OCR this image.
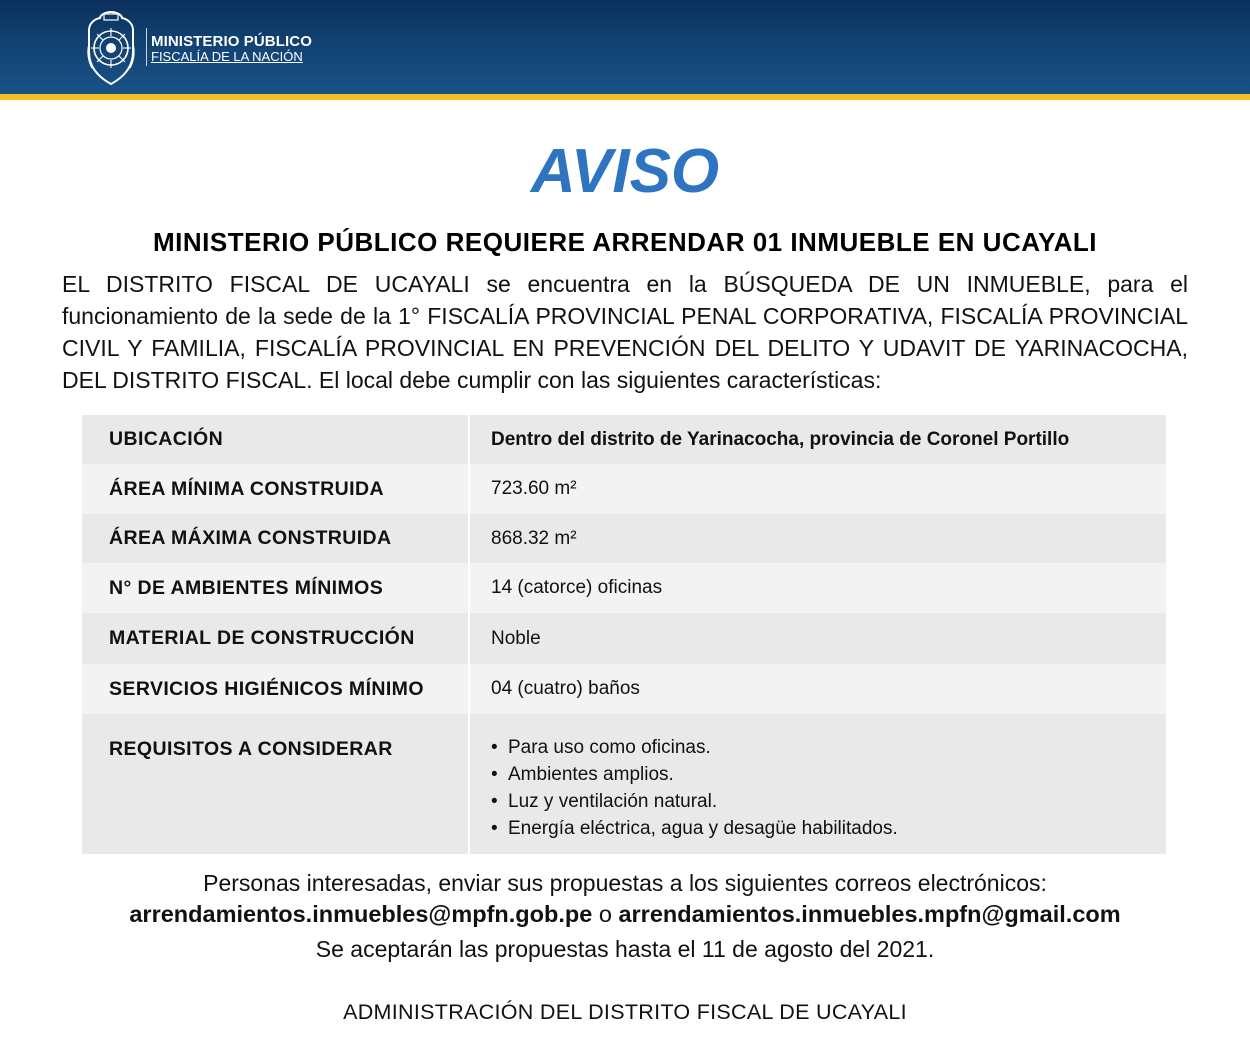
MINISTERIO PÚBLICO
FISCALÍA DE LA NACIÓN
AVISO
MINISTERIO PÚBLICO REQUIERE ARRENDAR 01 INMUEBLE EN UCAYALI
EL DISTRITO FISCAL DE UCAYALI se encuentra en la BÚSQUEDA DE UN INMUEBLE, para el funcionamiento de la sede de la 1° FISCALÍA PROVINCIAL PENAL CORPORATIVA, FISCALÍA PROVINCIAL CIVIL Y FAMILIA, FISCALÍA PROVINCIAL EN PREVENCIÓN DEL DELITO Y UDAVIT DE YARINACOCHA, DEL DISTRITO FISCAL. El local debe cumplir con las siguientes características:
UBICACIÓN	Dentro del distrito de Yarinacocha, provincia de Coronel Portillo
ÁREA MÍNIMA CONSTRUIDA	723.60 m²
ÁREA MÁXIMA CONSTRUIDA	868.32 m²
N° DE AMBIENTES MÍNIMOS	14 (catorce) oficinas
MATERIAL DE CONSTRUCCIÓN	Noble
SERVICIOS HIGIÉNICOS MÍNIMO	04 (cuatro) baños
REQUISITOS A CONSIDERAR	• Para uso como oficinas.
• Ambientes amplios.
• Luz y ventilación natural.
• Energía eléctrica, agua y desagüe habilitados.
Personas interesadas, enviar sus propuestas a los siguientes correos electrónicos:
arrendamientos.inmuebles@mpfn.gob.pe o arrendamientos.inmuebles.mpfn@gmail.com
Se aceptarán las propuestas hasta el 11 de agosto del 2021.
ADMINISTRACIÓN DEL DISTRITO FISCAL DE UCAYALI
